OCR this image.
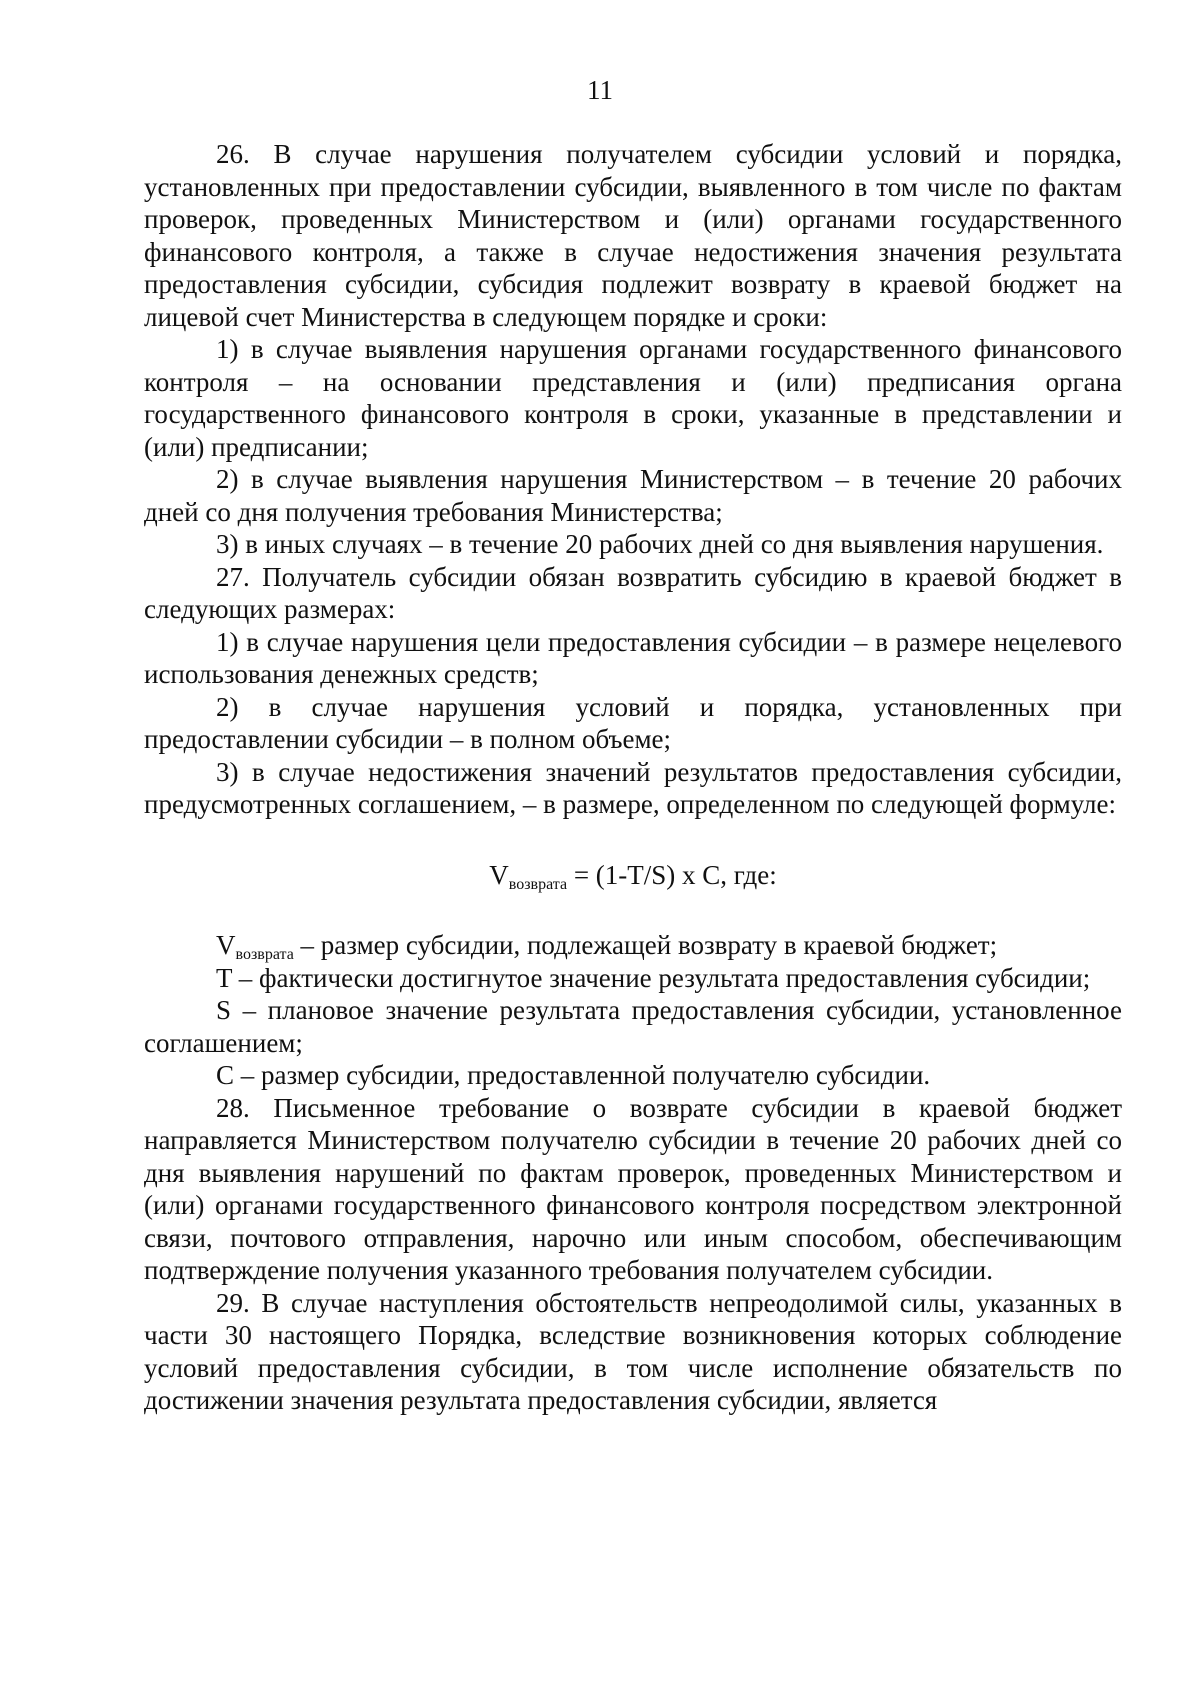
11

26. В случае нарушения получателем субсидии условий и порядка, установленных при предоставлении субсидии, выявленного в том числе по фактам проверок, проведенных Министерством и (или) органами государственного финансового контроля, а также в случае недостижения значения результата предоставления субсидии, субсидия подлежит возврату в краевой бюджет на лицевой счет Министерства в следующем порядке и сроки:

1) в случае выявления нарушения органами государственного финансового контроля – на основании представления и (или) предписания органа государственного финансового контроля в сроки, указанные в представлении и (или) предписании;

2) в случае выявления нарушения Министерством – в течение 20 рабочих дней со дня получения требования Министерства;

3) в иных случаях – в течение 20 рабочих дней со дня выявления нарушения.

27. Получатель субсидии обязан возвратить субсидию в краевой бюджет в следующих размерах:

1) в случае нарушения цели предоставления субсидии – в размере нецелевого использования денежных средств;

2) в случае нарушения условий и порядка, установленных при предоставлении субсидии – в полном объеме;

3) в случае недостижения значений результатов предоставления субсидии, предусмотренных соглашением, – в размере, определенном по следующей формуле:

$V_{возврата} = (1-T/S)$ x C, где:

$V_{возврата}$ – размер субсидии, подлежащей возврату в краевой бюджет;

T – фактически достигнутое значение результата предоставления субсидии;

S – плановое значение результата предоставления субсидии, установленное соглашением;

С – размер субсидии, предоставленной получателю субсидии.

28. Письменное требование о возврате субсидии в краевой бюджет направляется Министерством получателю субсидии в течение 20 рабочих дней со дня выявления нарушений по фактам проверок, проведенных Министерством и (или) органами государственного финансового контроля посредством электронной связи, почтового отправления, нарочно или иным способом, обеспечивающим подтверждение получения указанного требования получателем субсидии.

29. В случае наступления обстоятельств непреодолимой силы, указанных в части 30 настоящего Порядка, вследствие возникновения которых соблюдение условий предоставления субсидии, в том числе исполнение обязательств по достижении значения результата предоставления субсидии, является
